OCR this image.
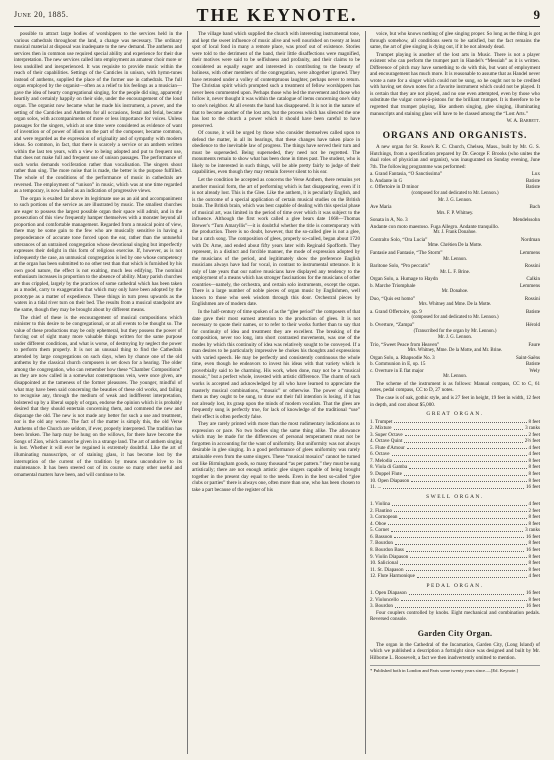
June 20, 1885.	THE KEYNOTE.	9

possible to attract large bodies of worshippers to the services held in the various cathedrals throughout the land, a change was necessary. The ordinary musical material at disposal was inadequate to the new demand. The anthems and services then in common use required special ability and experience for their due interpretation. The new services called into employment an amateur choir more or less unskilled and inexperienced. It was requisite to provide music within the reach of their capabilities. Settings of the Canticles in unison, with hymn-tunes instead of anthems, supplied the place of the former use in cathedrals. The full organ employed by the organist—often as a relief to his feelings as a musician—gave the idea of hearty congregational singing, for the people did sing, apparently heartily and certainly happily on their side, under the encouragement of the loud organ. The organist now became what he made his instrument, a power, and the setting of the Canticles and Anthems for all occasions, festal and ferial, became organ solos, with accompaniments of more or less importance for voices. Unless passages for the singers, which at one time were considered as evidence of want of invention or of power of idiom on the part of the composer, became common, and were regarded as the expression of originality and of sympathy with modern ideas. So common, in fact, that there is scarcely a service or an anthem written within the last ten years, with a view to being adopted and put to frequent use, that does not make full and frequent use of unison passages. The performance of such works demands vociferation rather than vocalisation. The singers shout rather than sing. The more noise that is made, the better is the purpose fulfilled. The whole of the conditions of the performance of music in cathedrals are reversed. The employment of “unison” in music, which was at one time regarded as a temporary, is now hailed as an indication of progressive views.

The organ is exalted far above its legitimate use as an aid and accompaniment to such portions of the service as are illustrated by music. The smallest churches are eager to possess the largest possible organ their space will admit, and in the prosecution of this view frequently hamper themselves with a monster beyond all proportion and comfortable management. Regarded from a musical point of view, there may be some gain to the few who are musically sensitive in having a preponderance of accurate tone forced upon the ear, rather than the untuneful utterances of an untrained congregation whose devotional singing but imperfectly expresses their delight in this form of religious exercise. If, however, as is not infrequently the case, an unmusical congregation is led by one whose competency at the organ has been submitted to no other test than that which is furnished by his own good nature, the effect is not exalting, much less edifying. The nominal enthusiasm increases in proportion to the absence of ability. Many parish churches are thus crippled, largely by the practices of some cathedral which has been taken as a model, carry to exaggeration that which may only have been adopted by the prototype as a matter of expedience. These things in turn press upwards as the waters in a tidal river turn on their bed. The results from a musical standpoint are the same, though they may be brought about by different means.

The chief of these is the encouragement of musical compositions which minister to this desire to be congregational, or at all events to be thought so. The value of these productions may be only ephemeral, but they possess the power of forcing out of sight many more valuable things written for the same purpose under different conditions, and what is worse, of destroying by neglect the power to perform them properly. It is not an unusual thing to find the Cathedrals attended by large congregations on such days, when by chance one of the old anthems by the classical church composers is set down for a hearing. The older among the congregation, who can remember how these “Chamber Compositions” as they are now called in a somewhat contemptuous vein, were once given, are disappointed at the tameness of the former pleasures. The younger, mindful of what may have been said concerning the beauties of these old works, and failing to recognise any, through the medium of weak and indifferent interpretation, bolstered up by a liberal supply of organ, endorse the opinion which it is probably desired that they should entertain concerning them, and commend the new and disparage the old. The new is not made any better for such a use and treatment, nor is the old any worse. The fact of the matter is simply this, the old Verse Anthems of the Church are seldom, if ever, properly interpreted. The tradition has been broken. The harp may be hung on the willows, for there have become the Songs of Zion, which cannot be given in a strange land. The art of anthem singing is lost. Whether it will ever be regained is extremely doubtful. Like the art of illuminating manuscripts, or of staining glass, it has become lost by the interruption of the current of the tradition by means unconducive to its maintenance. It has been steered out of its course so many other useful and ornamental matters have been, and will continue to be.

The village band which supplied the church with interesting instrumental tone, and kept the sweet influence of music alive and well nourished on twenty at least spot of local fond in many a remote place, was proof out of existence. Stories were told to the detriment of the band, their little disaffections were magnified, their motives were said to be selfishness and profanity, and their claims to be considered as equally eager and interested in contributing to the beauty of holiness, with other members of the congregation, were altogether ignored. They have retreated under a volley of contemptuous laughter, perhaps never to return. The Christian spirit which prompted such a treatment of fellow worshippers has never been commented upon. Perhaps those who led the movement and those who follow it, never thought it was within the catalogue of items concerning one's duty to one's neighbor. At all events the band has disappeared. It is not in the nature of that to become another of the lost arts, but the process which has silenced the one has lost to the church a power which it should have been careful to have preserved.

Of course, it will be urged by those who consider themselves called upon to defend the matter, in all its bearings, that these changes have taken place in obedience to the inevitable law of progress. The things have served their turn and must be superseded. Being superseded, they need not be regretted. The monuments remain to show what has been done in times past. The student, who is likely to be interested in such things, will be able pretty fairly to judge of their capabilities, even though they may remain forever silent to his ear.

Let the condition be accepted as concerns the Verse Anthem, there remains yet another musical form, the art of performing which is fast disappearing, even if it is not already lost. This is the Glee. Like the anthem, it is peculiarly English, and is the outcome of a special application of certain musical studies on the British brain. The British brain, which was best capable of dealing with this special phase of musical art, was limited in the period of time over which it was subject to the influence. Although the first work called a glee bears date 1668—Thomas Brewer's “Turn Amaryllis”—it is doubtful whether the title is contemporary with the production. There is no doubt, however, that the so-called glee is not a glee, but a catch song. The composition of glees, properly so-called, began about 1720 with Dr. Arne, and ended about fifty years later with Reginald Spofforth. They represent, in a distinct and forcible manner, the mode of expression adopted by the musicians of the period, and legitimately show the preference English musicians always have had for vocal, in contrast to instrumental utterance. It is only of late years that our native musicians have displayed any tendency to the employment of a means which has stronger fascinations for the musicians of other countries—namely, the orchestra, and certain solo instruments, except the organ. There is a large number of noble pieces of organ music by Englishmen, well known to those who seek wisdom through this door. Orchestral pieces by Englishmen are of modern date.

In the half-century of time spoken of as the “glee period” the composers of that date gave their most earnest attention to the production of glees. It is not necessary to quote their names, or to refer to their works further than to say that for continuity of idea and treatment they are excellent. The breaking of the composition, never too long, into short contrasted movements, was one of the modes by which this continuity of idea was relatively sought to be conveyed. If a man desires to be particularly impressive he chokes his thoughts and expressions with varied speech. He may be perfectly and consistently continuous the whole time, even though he endeavors to invest his ideas with that variety which is proverbially said to be charming. His work, when done, may not be a “musical mosaic,” but a perfect whole, invested with artistic difference. The charm of such works is accepted and acknowledged by all who have learned to appreciate the masterly musical combinations, “mosaic” or otherwise. The power of singing them as they ought to be sung, to draw out their full intention is losing, if it has not already lost, its grasp upon the minds of modern vocalists. That the glees are frequently sung is perfectly true, for lack of knowledge of the traditional “use” their effect is often perfectly false.

They are rarely printed with more than the most rudimentary indications as to expression or pace. No two bodies sing the same thing alike. The allowance which may be made for the differences of personal temperament must not be forgotten in accounting for the want of uniformity. But uniformity was not always desirable in glee singing. In a good performance of glees uniformity was rarely attainable even from the same singers. These “musical mosaics” cannot be turned out like Birmingham goods, so many thousand “as per pattern.” they must be sung artistically; there are not enough artistic glee singers capable of being brought together in the present day equal to the needs. Even in the best so-called “glee clubs or parties” there is always one, often more than one, who has been chosen to take a part because of the register of his

voice, but who knows nothing of glee singing proper. So long as the thing is got through somehow, all conditions seem to be satisfied, but the fact remains the same, the art of glee singing is dying out, if it be not already dead.

Trumpet playing is another of the lost arts in Music. There is not a player existent who can perform the trumpet part in Handel's “Messiah” as it is written. Difference of pitch may have something to do with this, but want of employment and encouragement has much more. It is reasonable to assume that as Handel never wrote a note for a singer which could not be sung, so he ought not to be credited with having set down notes for a favorite instrument which could not be played. It is certain that they are not played, and no one even attempted, even by those who substitute the vulgar cornet-à-pistons for the brilliant trumpet. It is therefore to be regretted that trumpet playing, like anthem singing, glee singing, illuminating manuscripts and staining glass will have to be classed among the “Lost Arts.”

W. A. Barrett.
ORGANS AND ORGANISTS.

A new organ for St. Rose's R. C. Church, Chelsea, Mass., built by Mr. G. S. Hutchings, from a specification prepared by Dr. George F. Brooks (who unites the dual roles of physician and organist), was inaugurated on Sunday evening, June 7th. The following programme was performed:

a. Grand Fantasia, “O Sanctissima”	Lux
b. Andante in G	Batiste
c. Offertoire in D minor	Batiste
(composed for and dedicated to Mr. Lennon.)
Mr. J. G. Lennon.
Ave Maria	Bach
Mrs. F. P. Whitney.
Sonata in A, No. 3	Mendelssohn
Andante con moto maestoso. Fuga Allegro. Andante tranquillo.
Mr. J. Frank Donahoe.
Contralto Solo, “Ora Lucia”	Nordman
Mme. Chrétien De la Motte.
Fantasie and Fantasie, “The Storm”	Lemmens
Mr. Lennon.
Baritone Solo, “Pro peccatis”	Rossini
Mr. L. F. Brine.
Organ Solo, a. Humage to Haydn	Calkin
b. Marche Triomphale	Lemmens
Mr. Donahoe.
Duo, “Quis est homo”	Rossini
Mrs. Whitney and Mme. De la Motte.
a. Grand Offertoire, op. 9	Batiste
(composed for and dedicated to Mr. Lennon.)
b. Overture, “Zampa”	Hérold
(Transcribed for the organ by Mr. Lennon.)
Mr. J. G. Lennon.
Trio, “Sweet Peace from Heaven”	Faure
Mrs. Whitney, Mme. De la Motte, and Mr. Brine.
Organ Solo, a. Rhapsodie No. 3	Saint-Saëns
b. Communion in E, op. 15	Batiste
c. Overture in E flat major	Wely
Mr. Lennon.

The scheme of the instrument is as follows: Manual compass, CC to C, 61 notes, pedal compass, CC to D, 27 notes.

The case is of oak, gothic style, and is 27 feet in height, 19 feet in width, 12 feet in depth, and cost about $5,000.

GREAT ORGAN.
1. Trumpet	8 feet
2. Mixture	3 ranks
3. Super Octave	2 feet
4. Octave Quint	2⅔ feet
5. Flute d'Amour	4 feet
6. Octave	4 feet
7. Melodia	8 feet
8. Viola di Gamba	8 feet
9. Doppel Flute	8 feet
10. Open Diapason	8 feet
11. ...	16 feet
SWELL ORGAN.
1. Violina	4 feet
2. Flautino	2 feet
3. Cornopean	8 feet
4. Oboe	8 feet
5. Cornet	3 ranks
6. Bassoon	16 feet
7. Bourdon	8 feet
8. Bourdon Bass	16 feet
9. Violin Diapason	8 feet
10. Salicional	8 feet
11. St. Diapason	8 feet
12. Flute Harmonique	4 feet
PEDAL ORGAN.
1. Open Diapason	16 feet
2. Violoncello	8 feet
3. Bourdon	16 feet

Four couplers controlled by knobs. Eight mechanical and combination pedals. Reversed console.

Garden City Organ.

The organ in the Cathedral of the Incarnation, Garden City, (Long Island) of which we published a description a fortnight since was designed and built by Mr. Hilborne L. Roosevelt, a fact we then inadvertently omitted to mention.

* Published both in London and Paris some twenty years since.—[Ed. Keynote.]
